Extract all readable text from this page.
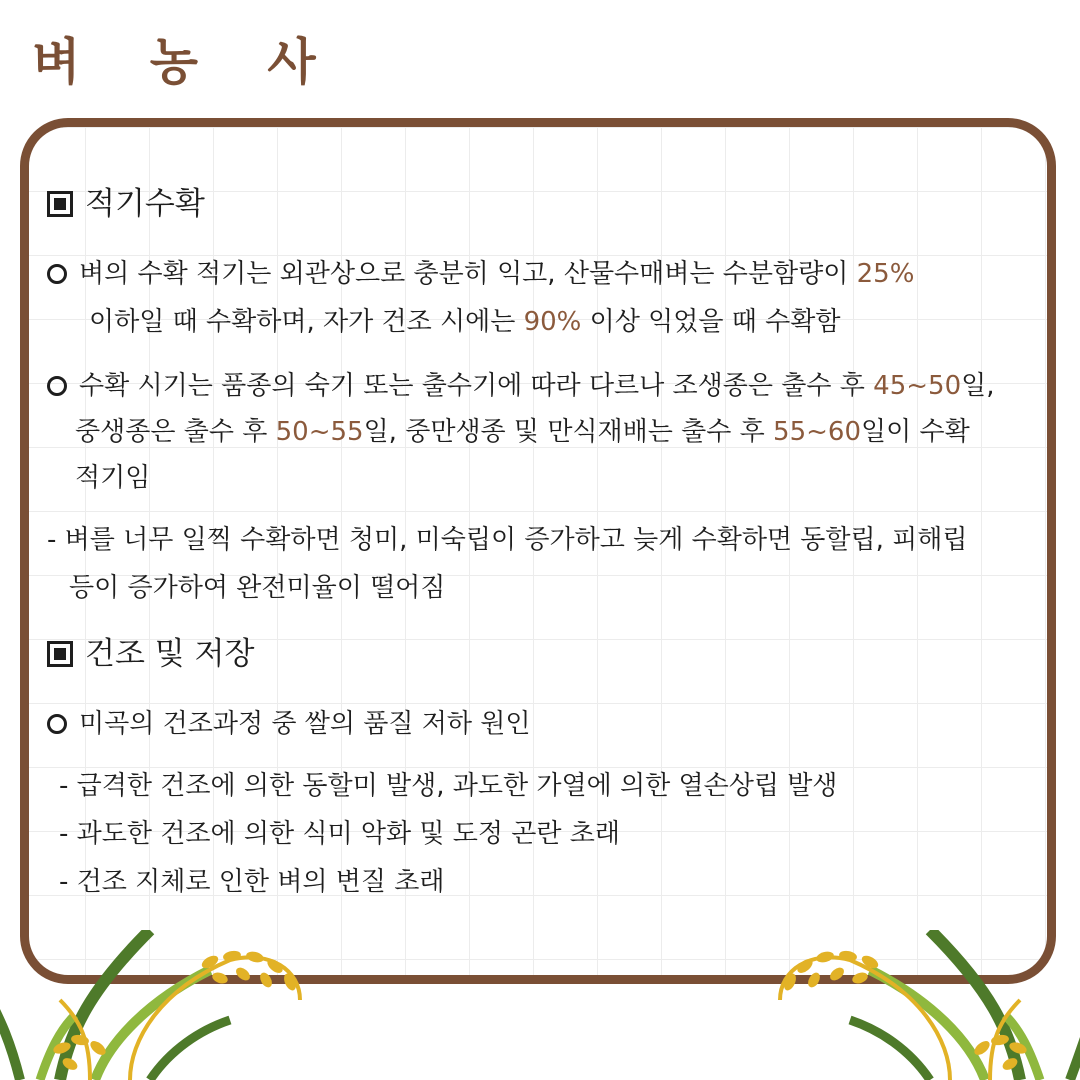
벼 농 사
적기수확
벼의 수확 적기는 외관상으로 충분히 익고, 산물수매벼는 수분함량이 25%
이하일 때 수확하며, 자가 건조 시에는 90% 이상 익었을 때 수확함
수확 시기는 품종의 숙기 또는 출수기에 따라 다르나 조생종은 출수 후 45~50일,
중생종은 출수 후 50~55일, 중만생종 및 만식재배는 출수 후 55~60일이 수확
적기임
- 벼를 너무 일찍 수확하면 청미, 미숙립이 증가하고 늦게 수확하면 동할립, 피해립
등이 증가하여 완전미율이 떨어짐
건조 및 저장
미곡의 건조과정 중 쌀의 품질 저하 원인
- 급격한 건조에 의한 동할미 발생, 과도한 가열에 의한 열손상립 발생
- 과도한 건조에 의한 식미 악화 및 도정 곤란 초래
- 건조 지체로 인한 벼의 변질 초래
